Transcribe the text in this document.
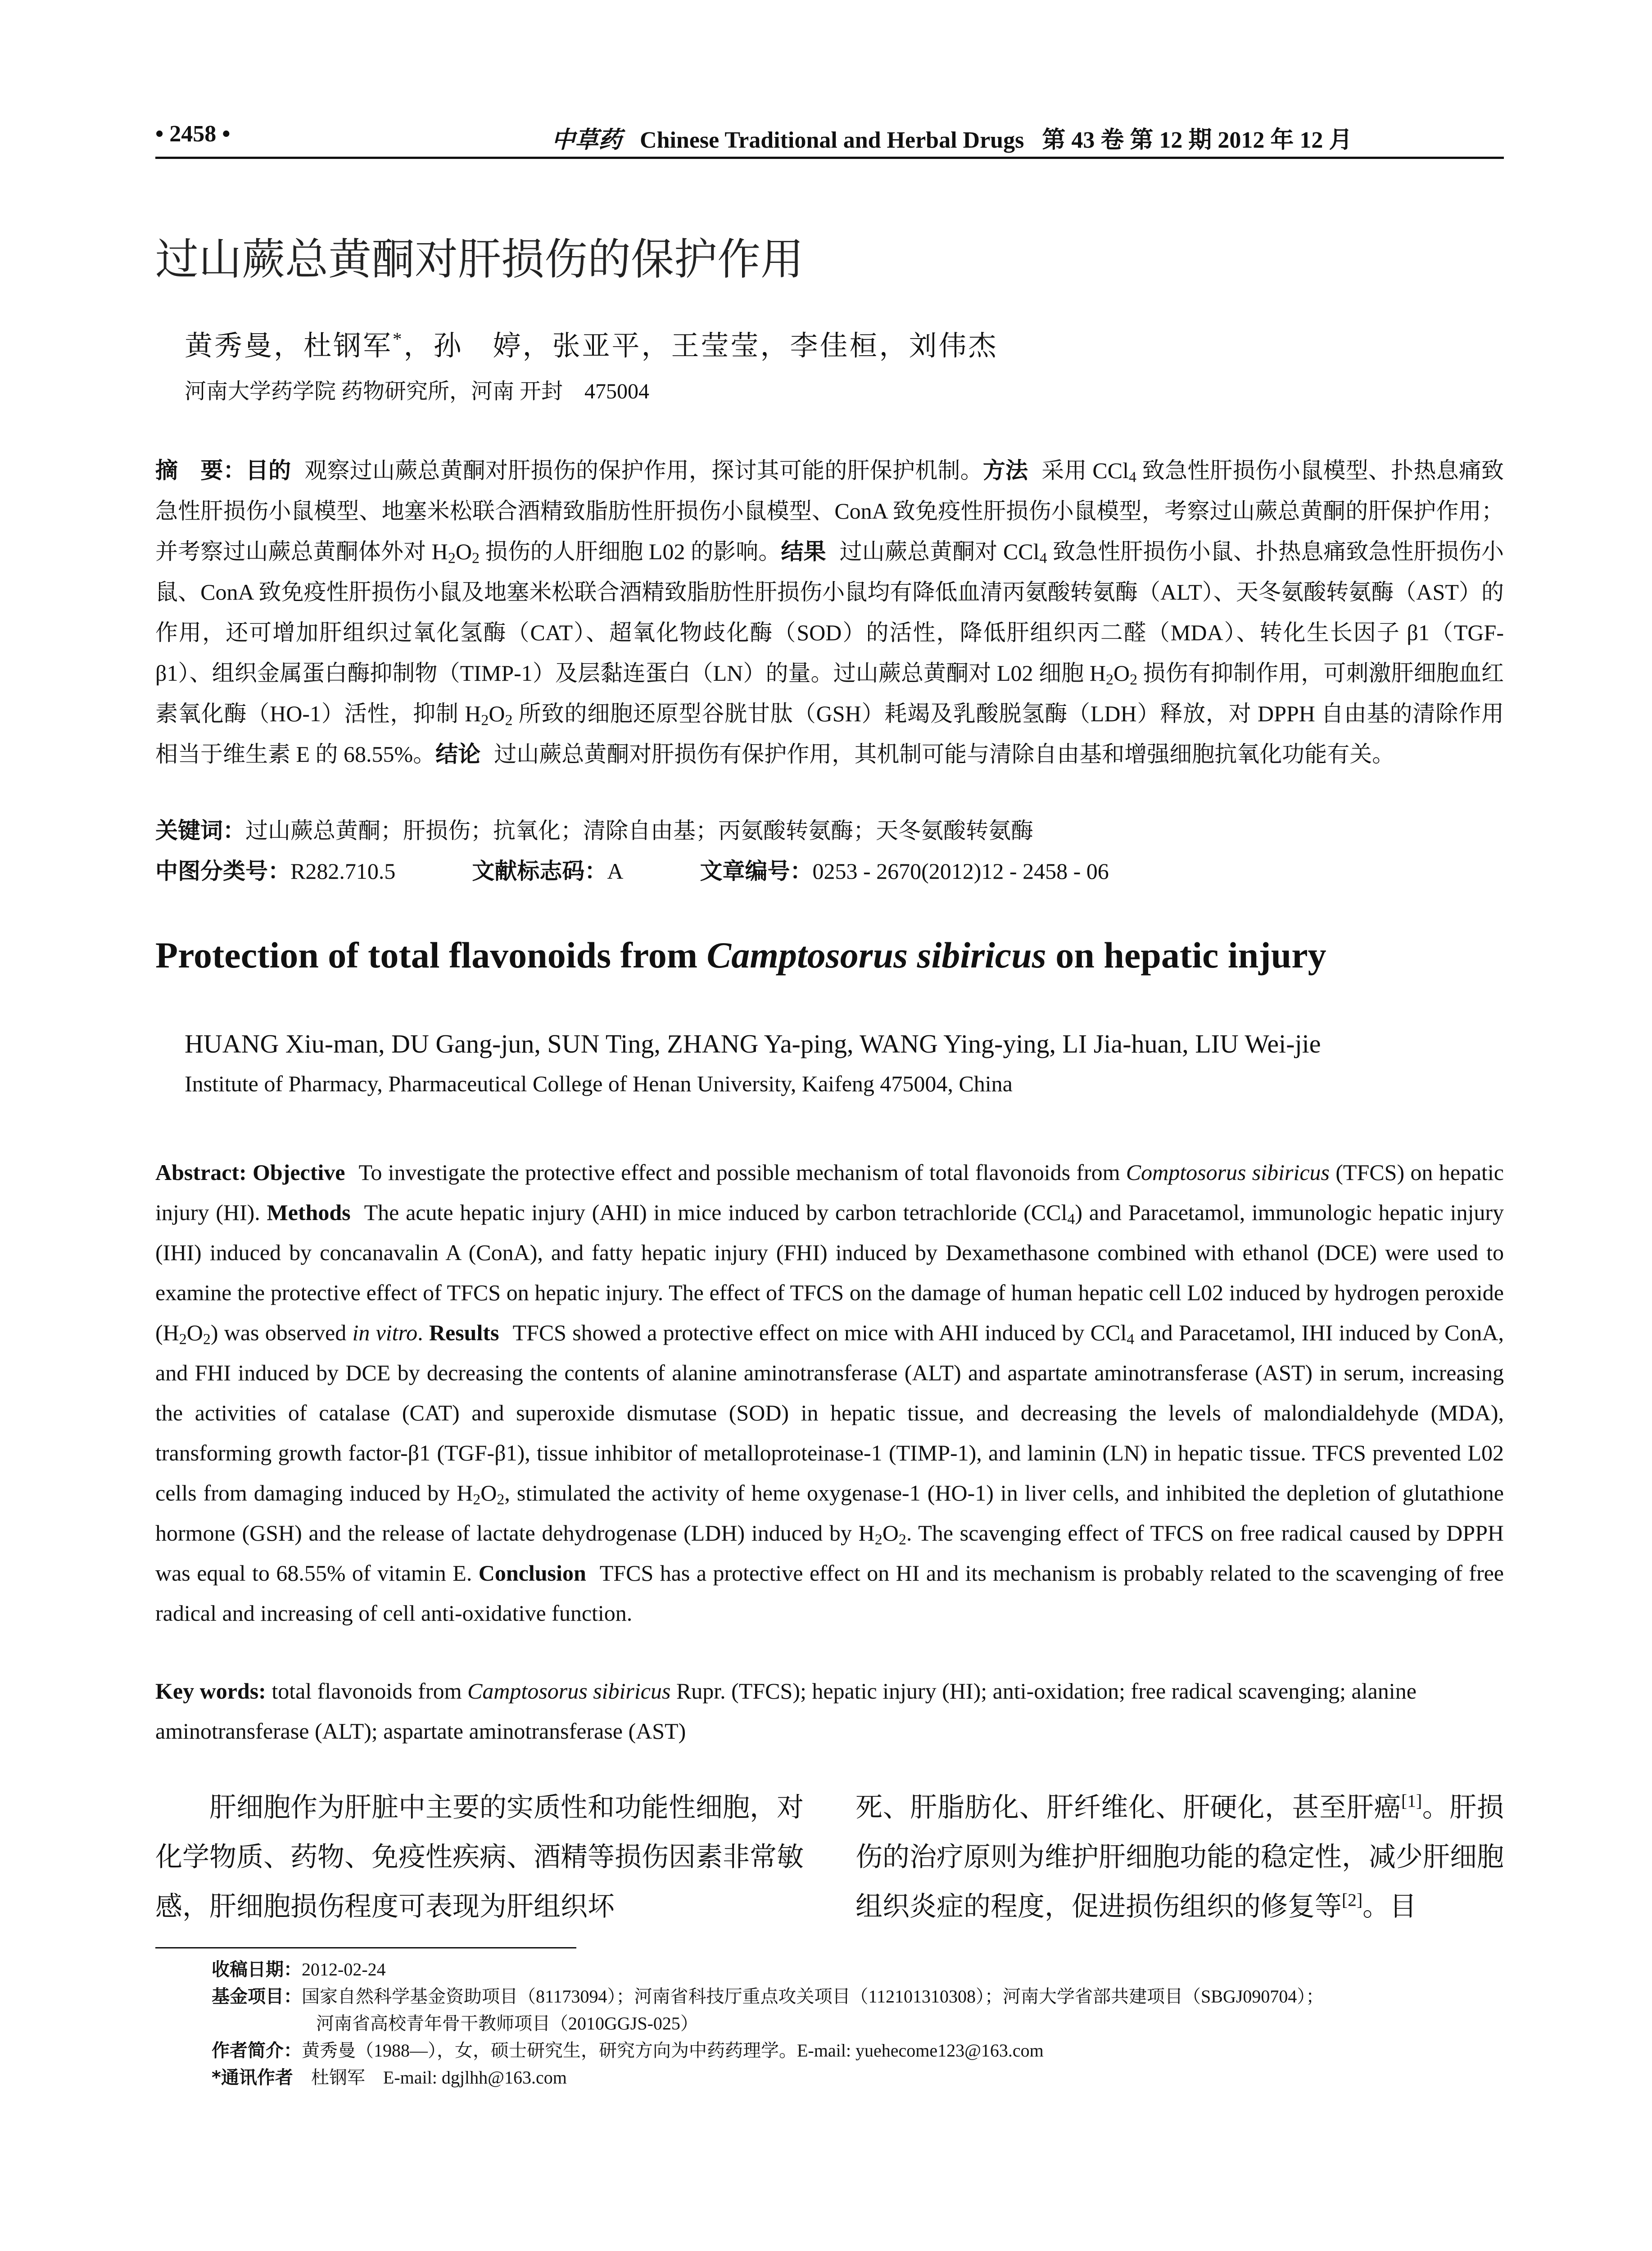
• 2458 •	中草药 Chinese Traditional and Herbal Drugs 第 43 卷 第 12 期 2012 年 12 月
过山蕨总黄酮对肝损伤的保护作用
黄秀曼，杜钢军*，孙　婷，张亚平，王莹莹，李佳桓，刘伟杰
河南大学药学院 药物研究所，河南 开封　475004
摘　要：目的 观察过山蕨总黄酮对肝损伤的保护作用，探讨其可能的肝保护机制。方法 采用 CCl$_4$ 致急性肝损伤小鼠模型、扑热息痛致急性肝损伤小鼠模型、地塞米松联合酒精致脂肪性肝损伤小鼠模型、ConA 致免疫性肝损伤小鼠模型，考察过山蕨总黄酮的肝保护作用；并考察过山蕨总黄酮体外对 $H_2O_2$ 损伤的人肝细胞 L02 的影响。结果 过山蕨总黄酮对 CCl$_4$ 致急性肝损伤小鼠、扑热息痛致急性肝损伤小鼠、ConA 致免疫性肝损伤小鼠及地塞米松联合酒精致脂肪性肝损伤小鼠均有降低血清丙氨酸转氨酶（ALT）、天冬氨酸转氨酶（AST）的作用，还可增加肝组织过氧化氢酶（CAT）、超氧化物歧化酶（SOD）的活性，降低肝组织丙二醛（MDA）、转化生长因子 β1（TGF-β1）、组织金属蛋白酶抑制物（TIMP-1）及层黏连蛋白（LN）的量。过山蕨总黄酮对 L02 细胞 $H_2O_2$ 损伤有抑制作用，可刺激肝细胞血红素氧化酶（HO-1）活性，抑制 $H_2O_2$ 所致的细胞还原型谷胱甘肽（GSH）耗竭及乳酸脱氢酶（LDH）释放，对 DPPH 自由基的清除作用相当于维生素 E 的 68.55%。结论 过山蕨总黄酮对肝损伤有保护作用，其机制可能与清除自由基和增强细胞抗氧化功能有关。
关键词：过山蕨总黄酮；肝损伤；抗氧化；清除自由基；丙氨酸转氨酶；天冬氨酸转氨酶
中图分类号：R282.710.5	文献标志码：A	文章编号：0253 - 2670(2012)12 - 2458 - 06
Protection of total flavonoids from Camptosorus sibiricus on hepatic injury
HUANG Xiu-man, DU Gang-jun, SUN Ting, ZHANG Ya-ping, WANG Ying-ying, LI Jia-huan, LIU Wei-jie
Institute of Pharmacy, Pharmaceutical College of Henan University, Kaifeng 475004, China
Abstract: Objective To investigate the protective effect and possible mechanism of total flavonoids from Comptosorus sibiricus (TFCS) on hepatic injury (HI). Methods The acute hepatic injury (AHI) in mice induced by carbon tetrachloride (CCl$_4$) and Paracetamol, immunologic hepatic injury (IHI) induced by concanavalin A (ConA), and fatty hepatic injury (FHI) induced by Dexamethasone combined with ethanol (DCE) were used to examine the protective effect of TFCS on hepatic injury. The effect of TFCS on the damage of human hepatic cell L02 induced by hydrogen peroxide $(H_2O_2)$ was observed in vitro. Results TFCS showed a protective effect on mice with AHI induced by CCl$_4$ and Paracetamol, IHI induced by ConA, and FHI induced by DCE by decreasing the contents of alanine aminotransferase (ALT) and aspartate aminotransferase (AST) in serum, increasing the activities of catalase (CAT) and superoxide dismutase (SOD) in hepatic tissue, and decreasing the levels of malondialdehyde (MDA), transforming growth factor-β1 (TGF-β1), tissue inhibitor of metalloproteinase-1 (TIMP-1), and laminin (LN) in hepatic tissue. TFCS prevented L02 cells from damaging induced by $H_2O_2$, stimulated the activity of heme oxygenase-1 (HO-1) in liver cells, and inhibited the depletion of glutathione hormone (GSH) and the release of lactate dehydrogenase (LDH) induced by $H_2O_2$. The scavenging effect of TFCS on free radical caused by DPPH was equal to 68.55% of vitamin E. Conclusion TFCS has a protective effect on HI and its mechanism is probably related to the scavenging of free radical and increasing of cell anti-oxidative function.
Key words: total flavonoids from Camptosorus sibiricus Rupr. (TFCS); hepatic injury (HI); anti-oxidation; free radical scavenging; alanine aminotransferase (ALT); aspartate aminotransferase (AST)
肝细胞作为肝脏中主要的实质性和功能性细胞，对化学物质、药物、免疫性疾病、酒精等损伤因素非常敏感，肝细胞损伤程度可表现为肝组织坏
死、肝脂肪化、肝纤维化、肝硬化，甚至肝癌[1]。肝损伤的治疗原则为维护肝细胞功能的稳定性，减少肝细胞组织炎症的程度，促进损伤组织的修复等[2]。目
收稿日期：2012-02-24
基金项目：国家自然科学基金资助项目（81173094）；河南省科技厅重点攻关项目（112101310308）；河南大学省部共建项目（SBGJ090704）；
河南省高校青年骨干教师项目（2010GGJS-025）
作者简介：黄秀曼（1988—），女，硕士研究生，研究方向为中药药理学。E-mail: yuehecome123@163.com
*通讯作者　杜钢军　E-mail: dgjlhh@163.com
